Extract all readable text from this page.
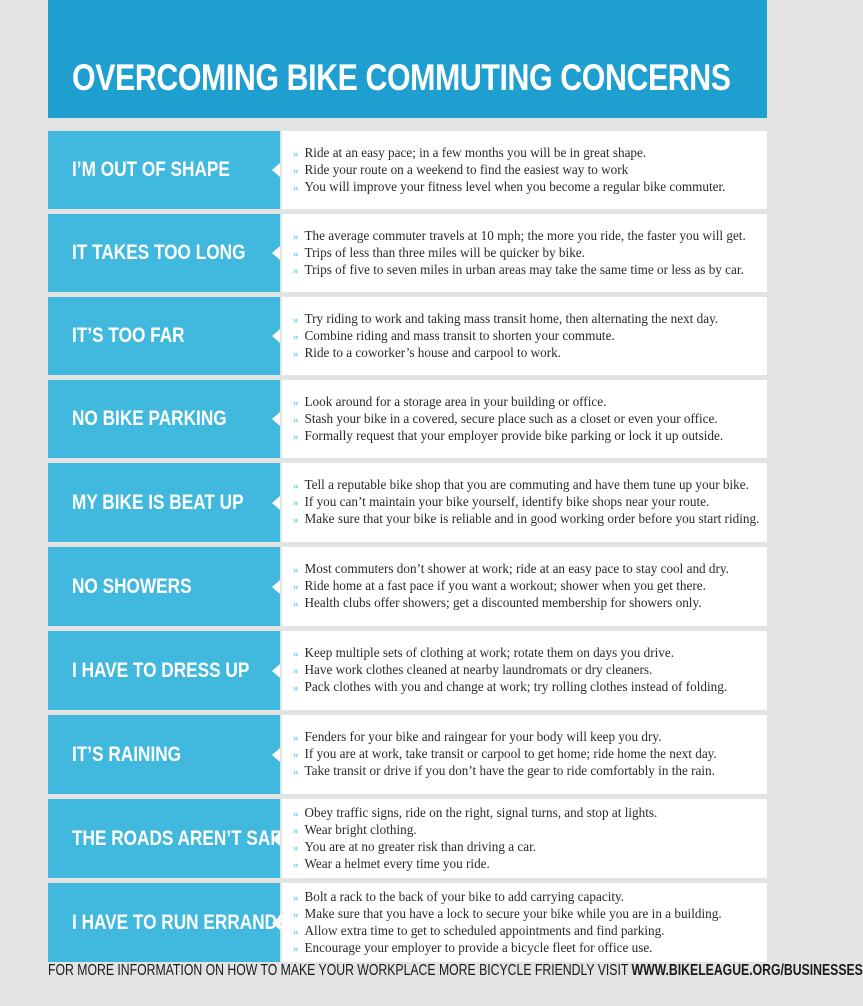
OVERCOMING BIKE COMMUTING CONCERNS
I’M OUT OF SHAPE
» Ride at an easy pace; in a few months you will be in great shape.
» Ride your route on a weekend to find the easiest way to work
» You will improve your fitness level when you become a regular bike commuter.
IT TAKES TOO LONG
» The average commuter travels at 10 mph; the more you ride, the faster you will get.
» Trips of less than three miles will be quicker by bike.
» Trips of five to seven miles in urban areas may take the same time or less as by car.
IT’S TOO FAR
» Try riding to work and taking mass transit home, then alternating the next day.
» Combine riding and mass transit to shorten your commute.
» Ride to a coworker’s house and carpool to work.
NO BIKE PARKING
» Look around for a storage area in your building or office.
» Stash your bike in a covered, secure place such as a closet or even your office.
» Formally request that your employer provide bike parking or lock it up outside.
MY BIKE IS BEAT UP
» Tell a reputable bike shop that you are commuting and have them tune up your bike.
» If you can’t maintain your bike yourself, identify bike shops near your route.
» Make sure that your bike is reliable and in good working order before you start riding.
NO SHOWERS
» Most commuters don’t shower at work; ride at an easy pace to stay cool and dry.
» Ride home at a fast pace if you want a workout; shower when you get there.
» Health clubs offer showers; get a discounted membership for showers only.
I HAVE TO DRESS UP
» Keep multiple sets of clothing at work; rotate them on days you drive.
» Have work clothes cleaned at nearby laundromats or dry cleaners.
» Pack clothes with you and change at work; try rolling clothes instead of folding.
IT’S RAINING
» Fenders for your bike and raingear for your body will keep you dry.
» If you are at work, take transit or carpool to get home; ride home the next day.
» Take transit or drive if you don’t have the gear to ride comfortably in the rain.
THE ROADS AREN’T SAFE
» Obey traffic signs, ride on the right, signal turns, and stop at lights.
» Wear bright clothing.
» You are at no greater risk than driving a car.
» Wear a helmet every time you ride.
I HAVE TO RUN ERRANDS
» Bolt a rack to the back of your bike to add carrying capacity.
» Make sure that you have a lock to secure your bike while you are in a building.
» Allow extra time to get to scheduled appointments and find parking.
» Encourage your employer to provide a bicycle fleet for office use.
FOR MORE INFORMATION ON HOW TO MAKE YOUR WORKPLACE MORE BICYCLE FRIENDLY VISIT WWW.BIKELEAGUE.ORG/BUSINESSES
